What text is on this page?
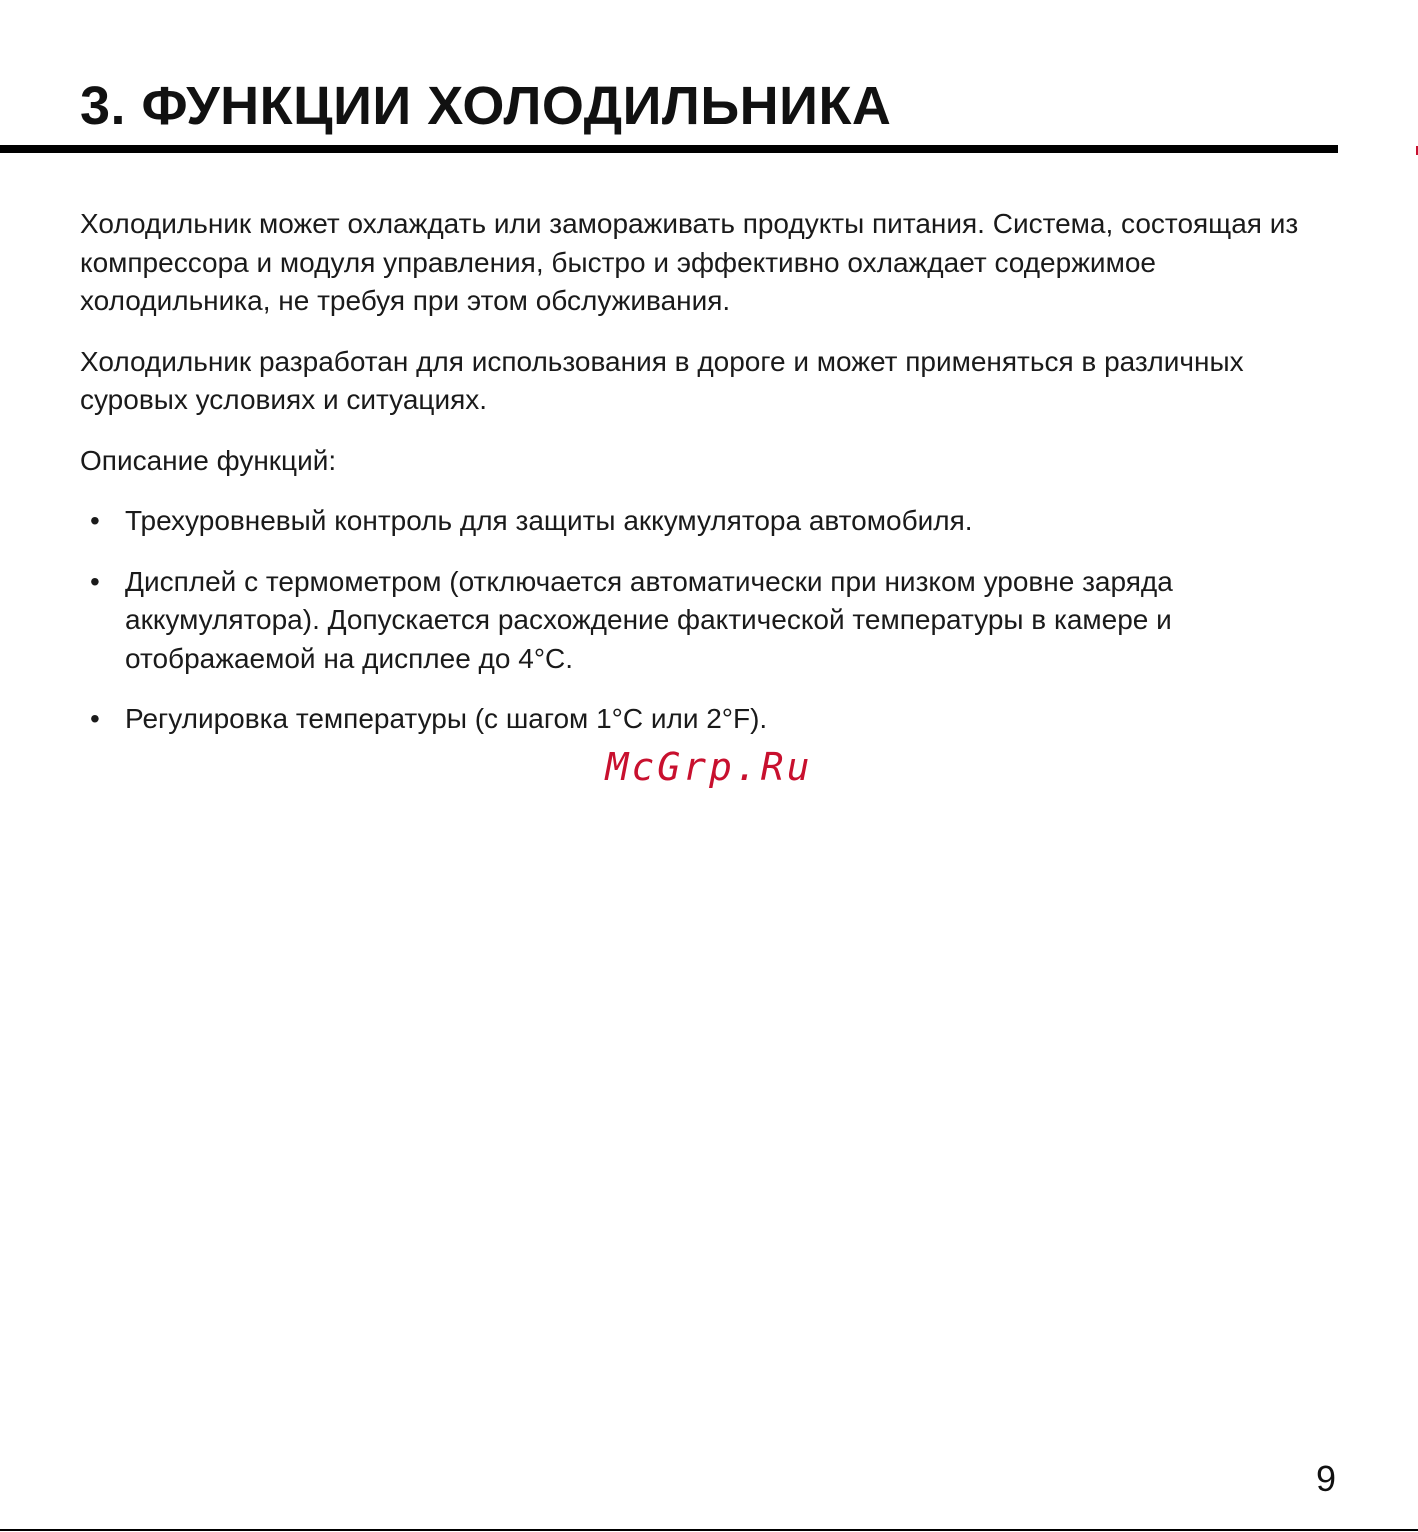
3. ФУНКЦИИ ХОЛОДИЛЬНИКА

Холодильник может охлаждать или замораживать продукты питания. Система, состоящая из компрессора и модуля управления, быстро и эффективно охлаждает содержимое холодильника, не требуя при этом обслуживания.

Холодильник разработан для использования в дороге и может применяться в различных суровых условиях и ситуациях.

Описание функций:

• Трехуровневый контроль для защиты аккумулятора автомобиля.
• Дисплей с термометром (отключается автоматически при низком уровне заряда аккумулятора). Допускается расхождение фактической температуры в камере и отображаемой на дисплее до 4°C.
• Регулировка температуры (с шагом 1°C или 2°F).
McGrp.Ru
9
